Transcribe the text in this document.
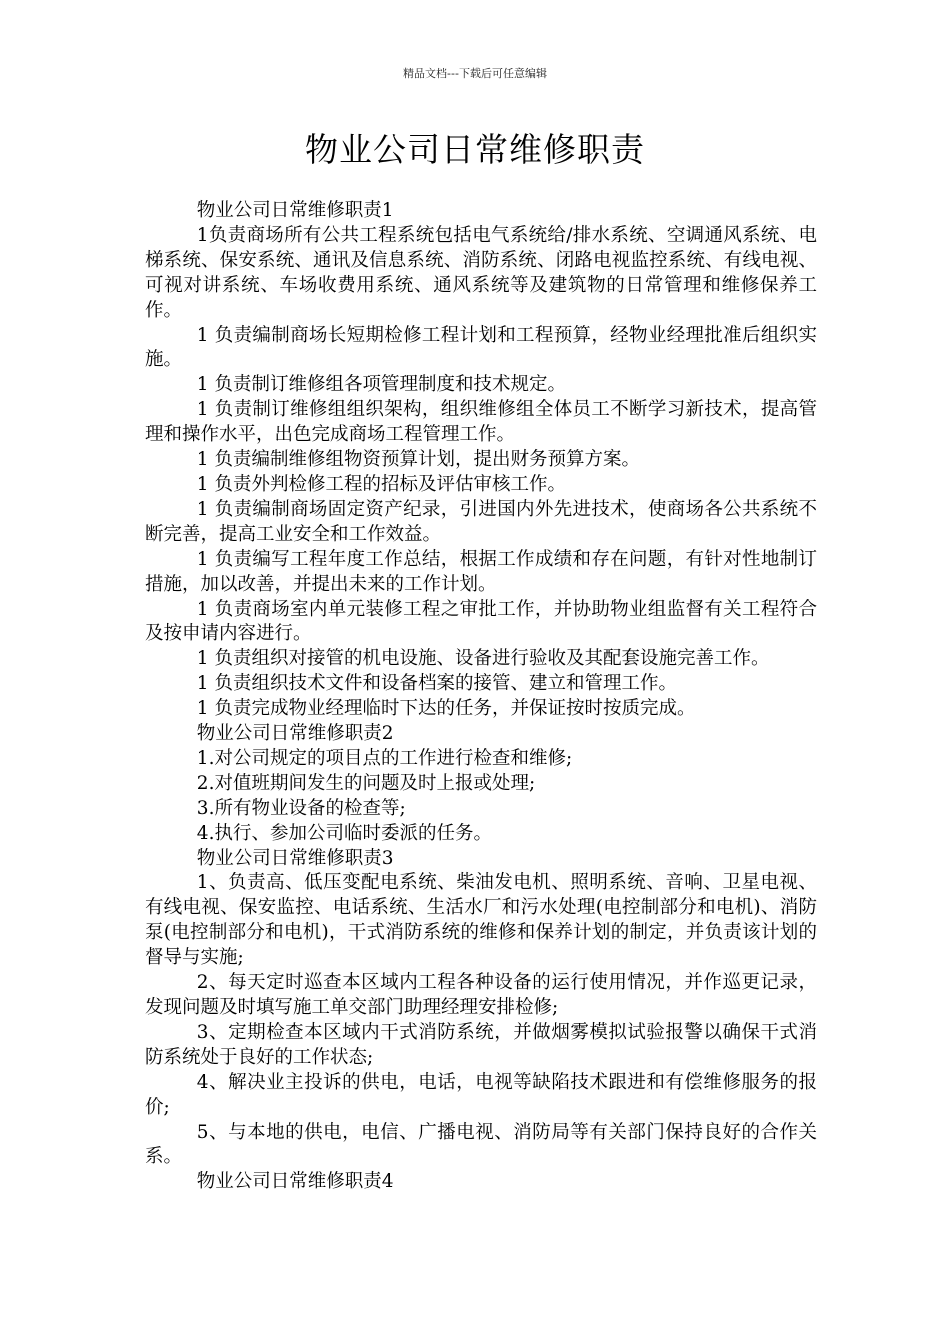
精品文档---下载后可任意编辑
物业公司日常维修职责

物业公司日常维修职责1

1负责商场所有公共工程系统包括电气系统给/排水系统、空调通风系统、电梯系统、保安系统、通讯及信息系统、消防系统、闭路电视监控系统、有线电视、可视对讲系统、车场收费用系统、通风系统等及建筑物的日常管理和维修保养工作。

1 负责编制商场长短期检修工程计划和工程预算，经物业经理批准后组织实施。

1 负责制订维修组各项管理制度和技术规定。

1 负责制订维修组组织架构，组织维修组全体员工不断学习新技术，提高管理和操作水平，出色完成商场工程管理工作。

1 负责编制维修组物资预算计划，提出财务预算方案。

1 负责外判检修工程的招标及评估审核工作。

1 负责编制商场固定资产纪录，引进国内外先进技术，使商场各公共系统不断完善，提高工业安全和工作效益。

1 负责编写工程年度工作总结，根据工作成绩和存在问题，有针对性地制订措施，加以改善，并提出未来的工作计划。

1 负责商场室内单元装修工程之审批工作，并协助物业组监督有关工程符合及按申请内容进行。

1 负责组织对接管的机电设施、设备进行验收及其配套设施完善工作。

1 负责组织技术文件和设备档案的接管、建立和管理工作。

1 负责完成物业经理临时下达的任务，并保证按时按质完成。

物业公司日常维修职责2

1.对公司规定的项目点的工作进行检查和维修;

2.对值班期间发生的问题及时上报或处理;

3.所有物业设备的检查等;

4.执行、参加公司临时委派的任务。

物业公司日常维修职责3

1、负责高、低压变配电系统、柴油发电机、照明系统、音响、卫星电视、有线电视、保安监控、电话系统、生活水厂和污水处理(电控制部分和电机)、消防泵(电控制部分和电机)，干式消防系统的维修和保养计划的制定，并负责该计划的督导与实施;

2、每天定时巡查本区域内工程各种设备的运行使用情况，并作巡更记录，发现问题及时填写施工单交部门助理经理安排检修;

3、定期检查本区域内干式消防系统，并做烟雾模拟试验报警以确保干式消防系统处于良好的工作状态;

4、解决业主投诉的供电，电话，电视等缺陷技术跟进和有偿维修服务的报价;

5、与本地的供电，电信、广播电视、消防局等有关部门保持良好的合作关系。

物业公司日常维修职责4
